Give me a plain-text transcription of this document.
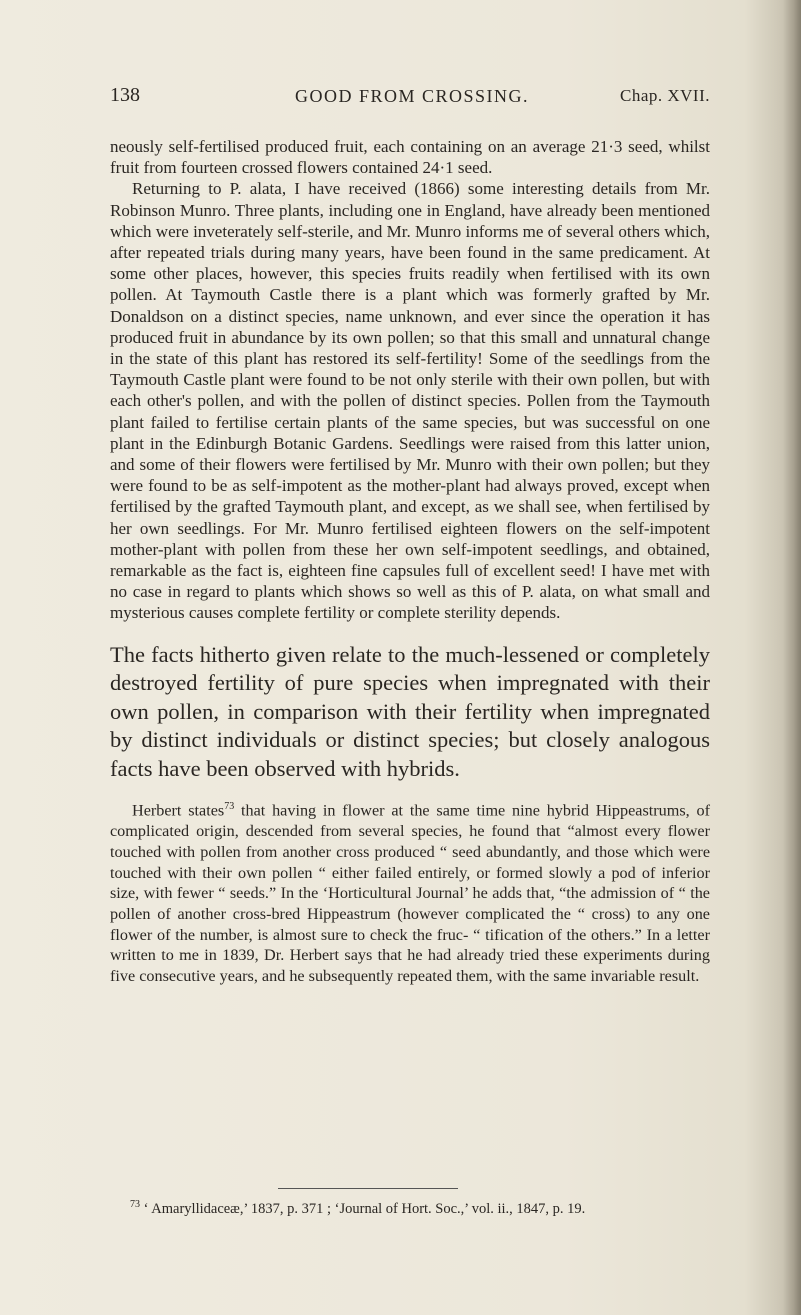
138	GOOD FROM CROSSING.	Chap. XVII.

neously self-fertilised produced fruit, each containing on an average 21·3 seed, whilst fruit from fourteen crossed flowers contained 24·1 seed.

Returning to P. alata, I have received (1866) some interesting details from Mr. Robinson Munro. Three plants, including one in England, have already been mentioned which were inveterately self-sterile, and Mr. Munro informs me of several others which, after repeated trials during many years, have been found in the same predicament. At some other places, however, this species fruits readily when fertilised with its own pollen. At Taymouth Castle there is a plant which was formerly grafted by Mr. Donaldson on a distinct species, name unknown, and ever since the operation it has produced fruit in abundance by its own pollen; so that this small and unnatural change in the state of this plant has restored its self-fertility! Some of the seedlings from the Taymouth Castle plant were found to be not only sterile with their own pollen, but with each other's pollen, and with the pollen of distinct species. Pollen from the Taymouth plant failed to fertilise certain plants of the same species, but was successful on one plant in the Edinburgh Botanic Gardens. Seedlings were raised from this latter union, and some of their flowers were fertilised by Mr. Munro with their own pollen; but they were found to be as self-impotent as the mother-plant had always proved, except when fertilised by the grafted Taymouth plant, and except, as we shall see, when fertilised by her own seedlings. For Mr. Munro fertilised eighteen flowers on the self-impotent mother-plant with pollen from these her own self-impotent seedlings, and obtained, remarkable as the fact is, eighteen fine capsules full of excellent seed! I have met with no case in regard to plants which shows so well as this of P. alata, on what small and mysterious causes complete fertility or complete sterility depends.

The facts hitherto given relate to the much-lessened or completely destroyed fertility of pure species when impregnated with their own pollen, in comparison with their fertility when impregnated by distinct individuals or distinct species; but closely analogous facts have been observed with hybrids.

Herbert states$^{73}$ that having in flower at the same time nine hybrid Hippeastrums, of complicated origin, descended from several species, he found that “almost every flower touched with pollen from another cross produced “ seed abundantly, and those which were touched with their own pollen “ either failed entirely, or formed slowly a pod of inferior size, with fewer “ seeds.” In the ‘Horticultural Journal’ he adds that, “the admission of “ the pollen of another cross-bred Hippeastrum (however complicated the “ cross) to any one flower of the number, is almost sure to check the fruc- “ tification of the others.” In a letter written to me in 1839, Dr. Herbert says that he had already tried these experiments during five consecutive years, and he subsequently repeated them, with the same invariable result.

$^{73}$ ‘ Amaryllidaceæ,’ 1837, p. 371 ; ‘Journal of Hort. Soc.,’ vol. ii., 1847, p. 19.
